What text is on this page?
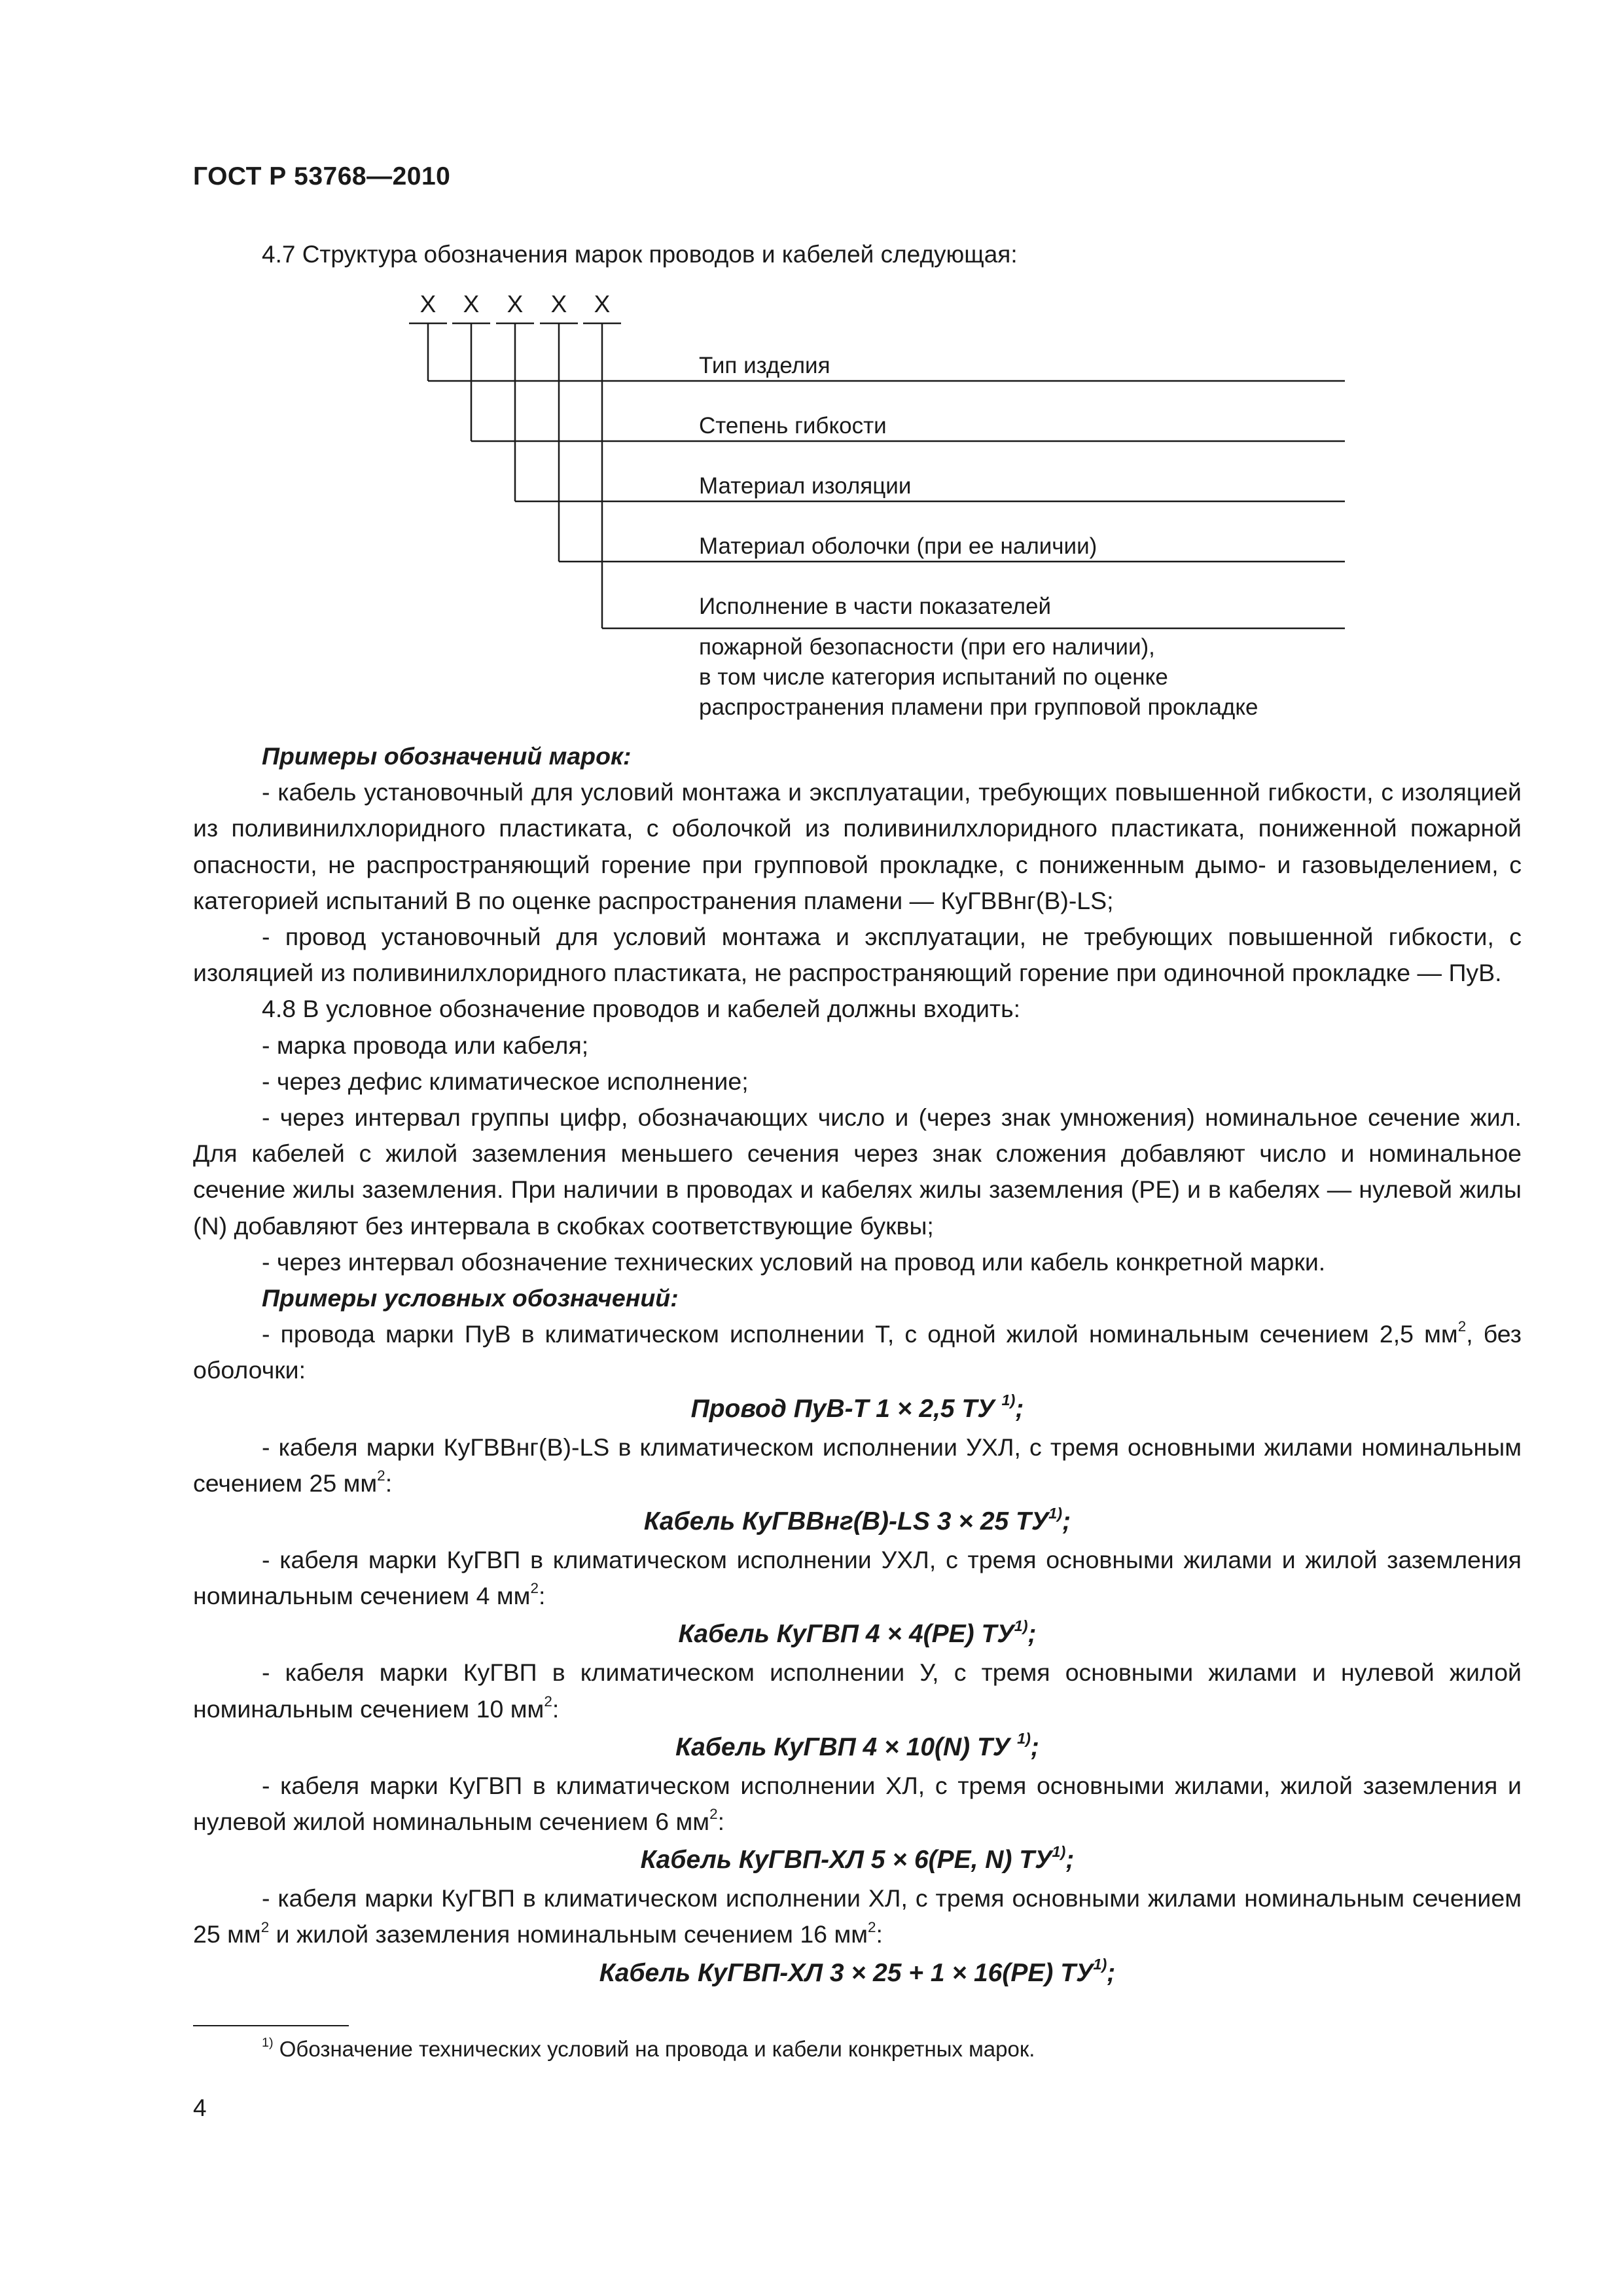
ГОСТ Р 53768—2010
4.7 Структура обозначения марок проводов и кабелей следующая:
X X X X X
Тип изделия
Степень гибкости
Материал изоляции
Материал оболочки (при ее наличии)
Исполнение в части показателей
пожарной безопасности (при его наличии),
в том числе категория испытаний по оценке
распространения пламени при групповой прокладке

Примеры обозначений марок:

- кабель установочный для условий монтажа и эксплуатации, требующих повышенной гибкости, с изоляцией из поливинилхлоридного пластиката, с оболочкой из поливинилхлоридного пластиката, пониженной пожарной опасности, не распространяющий горение при групповой прокладке, с пониженным дымо- и газовыделением, с категорией испытаний В по оценке распространения пламени — КуГВВнг(В)-LS;

- провод установочный для условий монтажа и эксплуатации, не требующих повышенной гибкости, с изоляцией из поливинилхлоридного пластиката, не распространяющий горение при одиночной прокладке — ПуВ.

4.8 В условное обозначение проводов и кабелей должны входить:

- марка провода или кабеля;

- через дефис климатическое исполнение;

- через интервал группы цифр, обозначающих число и (через знак умножения) номинальное сечение жил. Для кабелей с жилой заземления меньшего сечения через знак сложения добавляют число и номинальное сечение жилы заземления. При наличии в проводах и кабелях жилы заземления (PE) и в кабелях — нулевой жилы (N) добавляют без интервала в скобках соответствующие буквы;

- через интервал обозначение технических условий на провод или кабель конкретной марки.

Примеры условных обозначений:

- провода марки ПуВ в климатическом исполнении Т, с одной жилой номинальным сечением 2,5 $мм^2$, без оболочки:

Провод ПуВ-Т 1 × 2,5 ТУ $^{1)}$;

- кабеля марки КуГВВнг(В)-LS в климатическом исполнении УХЛ, с тремя основными жилами номинальным сечением 25 $мм^2$:

Кабель КуГВВнг(В)-LS 3 × 25 ТУ$^{1)}$;

- кабеля марки КуГВП в климатическом исполнении УХЛ, с тремя основными жилами и жилой заземления номинальным сечением 4 $мм^2$:

Кабель КуГВП 4 × 4(PE) ТУ$^{1)}$;

- кабеля марки КуГВП в климатическом исполнении У, с тремя основными жилами и нулевой жилой номинальным сечением 10 $мм^2$:

Кабель КуГВП 4 × 10(N) ТУ $^{1)}$;

- кабеля марки КуГВП в климатическом исполнении ХЛ, с тремя основными жилами, жилой заземления и нулевой жилой номинальным сечением 6 $мм^2$:

Кабель КуГВП-ХЛ 5 × 6(PE, N) ТУ$^{1)}$;

- кабеля марки КуГВП в климатическом исполнении ХЛ, с тремя основными жилами номинальным сечением 25 $мм^2$ и жилой заземления номинальным сечением 16 $мм^2$:

Кабель КуГВП-ХЛ 3 × 25 + 1 × 16(PE) ТУ$^{1)}$;

$^{1)}$ Обозначение технических условий на провода и кабели конкретных марок.
4
